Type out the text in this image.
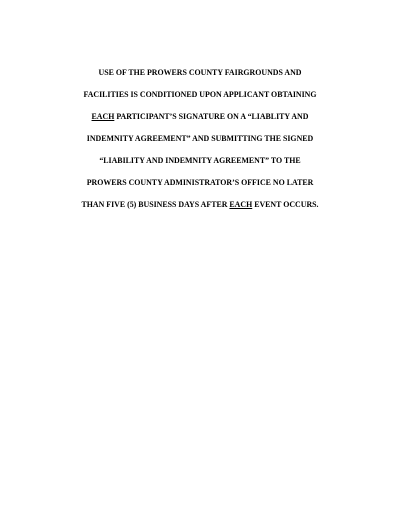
USE OF THE PROWERS COUNTY FAIRGROUNDS AND
FACILITIES IS CONDITIONED UPON APPLICANT OBTAINING
EACH PARTICIPANT’S SIGNATURE ON A “LIABLITY AND
INDEMNITY AGREEMENT” AND SUBMITTING THE SIGNED
“LIABILITY AND INDEMNITY AGREEMENT” TO THE
PROWERS COUNTY ADMINISTRATOR’S OFFICE NO LATER
THAN FIVE (5) BUSINESS DAYS AFTER EACH EVENT OCCURS.
